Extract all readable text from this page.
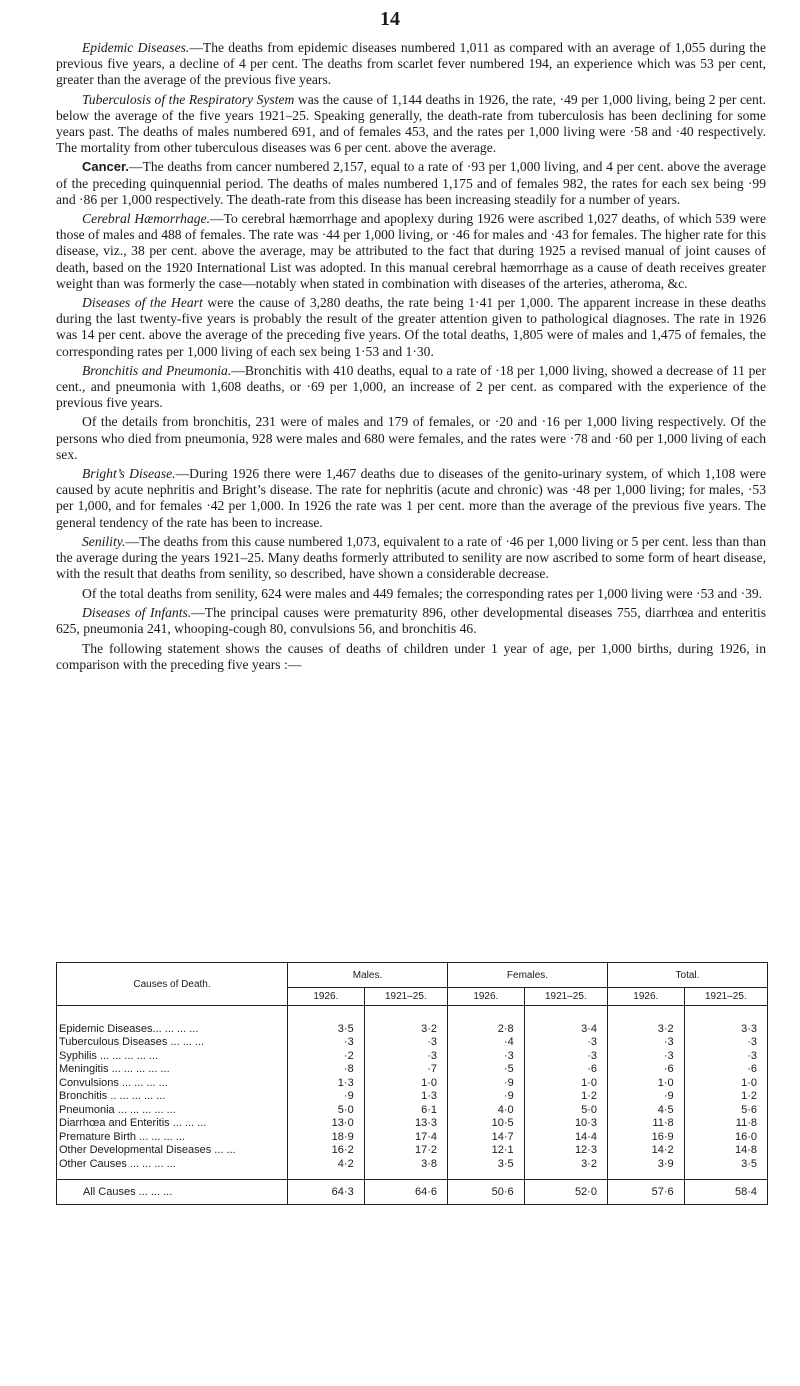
14

Epidemic Diseases.—The deaths from epidemic diseases numbered 1,011 as compared with an average of 1,055 during the previous five years, a decline of 4 per cent. The deaths from scarlet fever numbered 194, an experience which was 53 per cent, greater than the average of the previous five years.

Tuberculosis of the Respiratory System was the cause of 1,144 deaths in 1926, the rate, ·49 per 1,000 living, being 2 per cent. below the average of the five years 1921–25. Speaking generally, the death-rate from tuberculosis has been declining for some years past. The deaths of males numbered 691, and of females 453, and the rates per 1,000 living were ·58 and ·40 respectively. The mortality from other tuberculous diseases was 6 per cent. above the average.

Cancer.—The deaths from cancer numbered 2,157, equal to a rate of ·93 per 1,000 living, and 4 per cent. above the average of the preceding quinquennial period. The deaths of males numbered 1,175 and of females 982, the rates for each sex being ·99 and ·86 per 1,000 respectively. The death-rate from this disease has been increasing steadily for a number of years.

Cerebral Hæmorrhage.—To cerebral hæmorrhage and apoplexy during 1926 were ascribed 1,027 deaths, of which 539 were those of males and 488 of females. The rate was ·44 per 1,000 living, or ·46 for males and ·43 for females. The higher rate for this disease, viz., 38 per cent. above the average, may be attributed to the fact that during 1925 a revised manual of joint causes of death, based on the 1920 International List was adopted. In this manual cerebral hæmorrhage as a cause of death receives greater weight than was formerly the case—notably when stated in combination with diseases of the arteries, atheroma, &c.

Diseases of the Heart were the cause of 3,280 deaths, the rate being 1·41 per 1,000. The apparent increase in these deaths during the last twenty-five years is probably the result of the greater attention given to pathological diagnoses. The rate in 1926 was 14 per cent. above the average of the preceding five years. Of the total deaths, 1,805 were of males and 1,475 of females, the corresponding rates per 1,000 living of each sex being 1·53 and 1·30.

Bronchitis and Pneumonia.—Bronchitis with 410 deaths, equal to a rate of ·18 per 1,000 living, showed a decrease of 11 per cent., and pneumonia with 1,608 deaths, or ·69 per 1,000, an increase of 2 per cent. as compared with the experience of the previous five years.

Of the details from bronchitis, 231 were of males and 179 of females, or ·20 and ·16 per 1,000 living respectively. Of the persons who died from pneumonia, 928 were males and 680 were females, and the rates were ·78 and ·60 per 1,000 living of each sex.

Bright’s Disease.—During 1926 there were 1,467 deaths due to diseases of the genito-urinary system, of which 1,108 were caused by acute nephritis and Bright’s disease. The rate for nephritis (acute and chronic) was ·48 per 1,000 living; for males, ·53 per 1,000, and for females ·42 per 1,000. In 1926 the rate was 1 per cent. more than the average of the previous five years. The general tendency of the rate has been to increase.

Senility.—The deaths from this cause numbered 1,073, equivalent to a rate of ·46 per 1,000 living or 5 per cent. less than than the average during the years 1921–25. Many deaths formerly attributed to senility are now ascribed to some form of heart disease, with the result that deaths from senility, so described, have shown a considerable decrease.

Of the total deaths from senility, 624 were males and 449 females; the corresponding rates per 1,000 living were ·53 and ·39.

Diseases of Infants.—The principal causes were prematurity 896, other developmental diseases 755, diarrhœa and enteritis 625, pneumonia 241, whooping-cough 80, convulsions 56, and bronchitis 46.

The following statement shows the causes of deaths of children under 1 year of age, per 1,000 births, during 1926, in comparison with the preceding five years :—

Causes of Death.	Males.		Females.		Total.	
	1926.	1921–25.	1926.	1921–25.	1926.	1921–25.
Epidemic Diseases... ... ... ...	3·5	3·2	2·8	3·4	3·2	3·3
Tuberculous Diseases ... ... ...	·3	·3	·4	·3	·3	·3
Syphilis ... ... ... ... ...	·2	·3	·3	·3	·3	·3
Meningitis ... ... ... ... ...	·8	·7	·5	·6	·6	·6
Convulsions ... ... ... ...	1·3	1·0	·9	1·0	1·0	1·0
Bronchitis .. ... ... ... ...	·9	1·3	·9	1·2	·9	1·2
Pneumonia ... ... ... ... ...	5·0	6·1	4·0	5·0	4·5	5·6
Diarrhœa and Enteritis ... ... ...	13·0	13·3	10·5	10·3	11·8	11·8
Premature Birth ... ... ... ...	18·9	17·4	14·7	14·4	16·9	16·0
Other Developmental Diseases ... ...	16·2	17·2	12·1	12·3	14·2	14·8
Other Causes ... ... ... ...	4·2	3·8	3·5	3·2	3·9	3·5
All Causes ... ... ...	64·3	64·6	50·6	52·0	57·6	58·4
